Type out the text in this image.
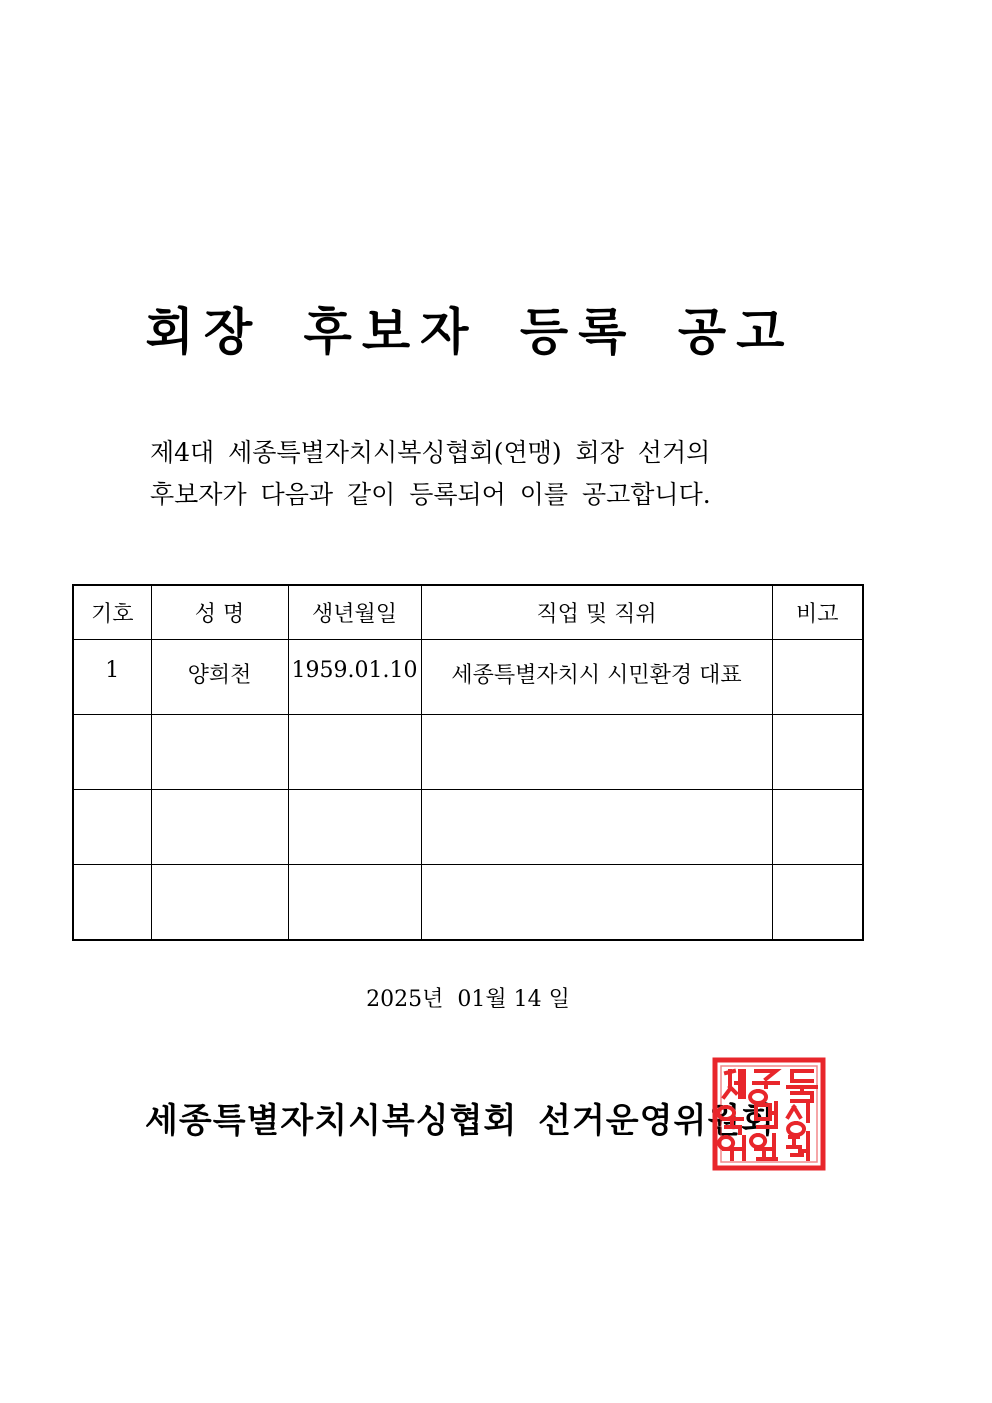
회장 후보자 등록 공고
제4대 세종특별자치시복싱협회(연맹) 회장 선거의
후보자가 다음과 같이 등록되어 이를 공고합니다.
기호	성 명	생년월일	직업 및 직위	비고
1	양희천	1959.01.10	세종특별자치시 시민환경 대표	

2025년  01월 14 일
세종특별자치시복싱협회 선거운영위원회
